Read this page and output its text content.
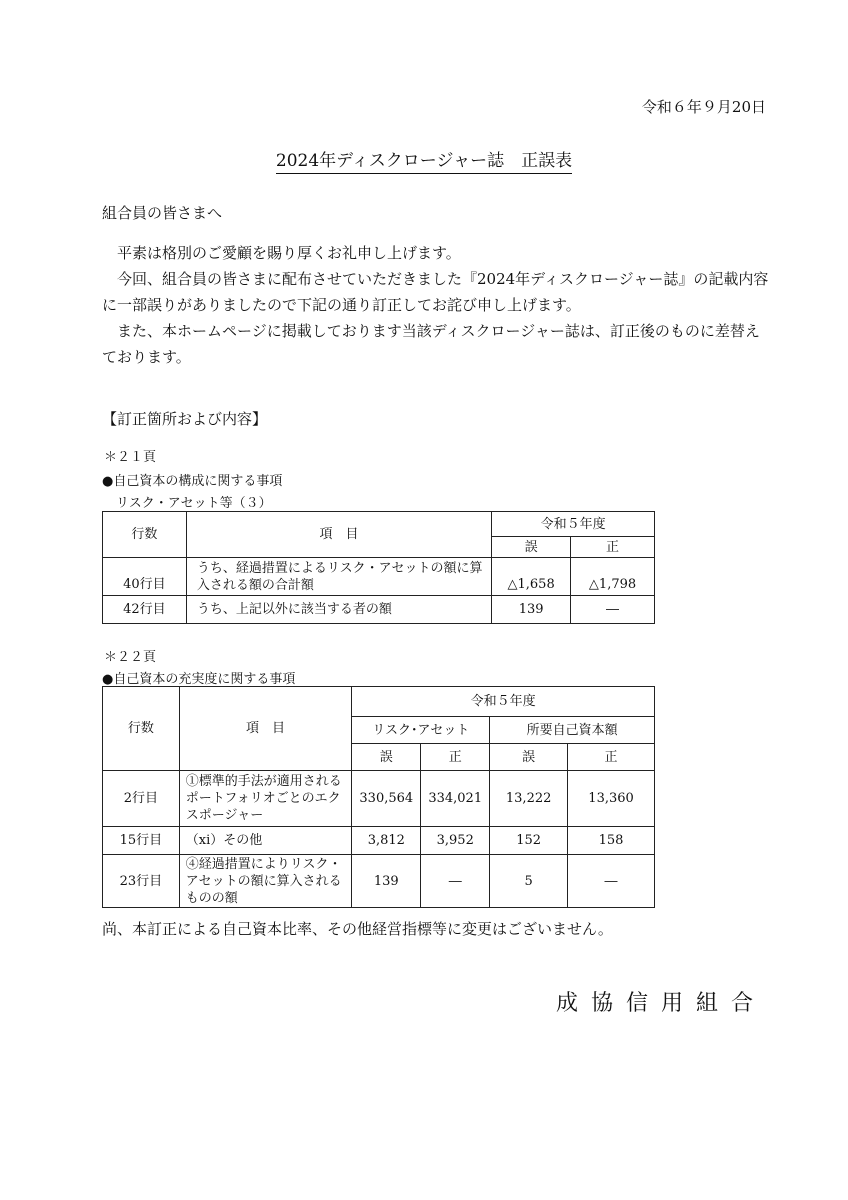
令和６年９月20日
2024年ディスクロージャー誌　正誤表
組合員の皆さまへ

平素は格別のご愛顧を賜り厚くお礼申し上げます。

今回、組合員の皆さまに配布させていただきました『2024年ディスクロージャー誌』の記載内容に一部誤りがありましたので下記の通り訂正してお詫び申し上げます。

また、本ホームページに掲載しております当該ディスクロージャー誌は、訂正後のものに差替えております。

【訂正箇所および内容】
＊２１頁
●自己資本の構成に関する事項
リスク・アセット等（３）
行数	項　目	令和５年度	
		誤	正
40行目	うち、経過措置によるリスク・アセットの額に算入される額の合計額	△1,658	△1,798
42行目	うち、上記以外に該当する者の額	139	―
＊２２頁
●自己資本の充実度に関する事項
行数	項　目	令和５年度			
		リスク･アセット		所要自己資本額	
		誤	正	誤	正
2行目	①標準的手法が適用されるポートフォリオごとのエクスポージャー	330,564	334,021	13,222	13,360
15行目	（xi）その他	3,812	3,952	152	158
23行目	④経過措置によりリスク・アセットの額に算入されるものの額	139	―	5	―
尚、本訂正による自己資本比率、その他経営指標等に変更はございません。
成協信用組合
